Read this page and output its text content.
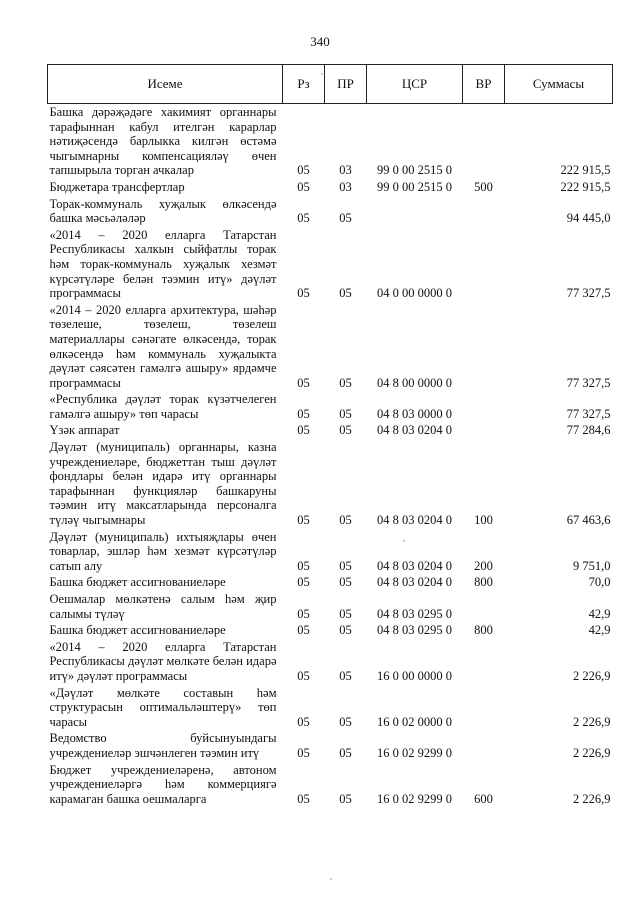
340
Исеме	Рз	ПР	ЦСР	ВР	Суммасы
Башка дәрәҗәдәге хакимият органнары тарафыннан кабул ителгән карарлар нәтиҗәсендә барлыкка килгән өстәмә чыгымнарны компенсацияләү өчен тапшырыла торган ачкалар	05	03	99 0 00 2515 0		222 915,5
Бюджетара трансфертлар	05	03	99 0 00 2515 0	500	222 915,5
Торак-коммуналь хуҗалык өлкәсендә башка мәсьәләләр	05	05			94 445,0
«2014 – 2020 елларга Татарстан Республикасы халкын сыйфатлы торак һәм торак-коммуналь хуҗалык хезмәт күрсәтүләре белән тәэмин итү» дәүләт программасы	05	05	04 0 00 0000 0		77 327,5
«2014 – 2020 елларга архитектура, шәһәр төзелеше, төзелеш, төзелеш материаллары сәнәгате өлкәсендә, торак өлкәсендә һәм коммуналь хуҗалыкта дәүләт сәясәтен гамәлгә ашыру» ярдәмче программасы	05	05	04 8 00 0000 0		77 327,5
«Республика дәүләт торак күзәтчелеген гамәлгә ашыру» төп чарасы	05	05	04 8 03 0000 0		77 327,5
Үзәк аппарат	05	05	04 8 03 0204 0		77 284,6
Дәүләт (муниципаль) органнары, казна учреждениеләре, бюджеттан тыш дәүләт фондлары белән идарә итү органнары тарафыннан функцияләр башкаруны тәэмин итү максатларында персоналга түләү чыгымнары	05	05	04 8 03 0204 0	100	67 463,6
Дәүләт (муниципаль) ихтыяҗлары өчен товарлар, эшләр һәм хезмәт күрсәтүләр сатып алу	05	05	04 8 03 0204 0	200	9 751,0
Башка бюджет ассигнованиеләре	05	05	04 8 03 0204 0	800	70,0
Оешмалар мөлкәтенә салым һәм җир салымы түләү	05	05	04 8 03 0295 0		42,9
Башка бюджет ассигнованиеләре	05	05	04 8 03 0295 0	800	42,9
«2014 – 2020 елларга Татарстан Республикасы дәүләт мөлкәте белән идарә итү» дәүләт программасы	05	05	16 0 00 0000 0		2 226,9
«Дәүләт мөлкәте составын һәм структурасын оптимальләштерү» төп чарасы	05	05	16 0 02 0000 0		2 226,9
Ведомство буйсынуындагы учреждениеләр эшчәнлеген тәэмин итү	05	05	16 0 02 9299 0		2 226,9
Бюджет учреждениеләренә, автоном учреждениеләргә һәм коммерциягә карамаган башка оешмаларга	05	05	16 0 02 9299 0	600	2 226,9
